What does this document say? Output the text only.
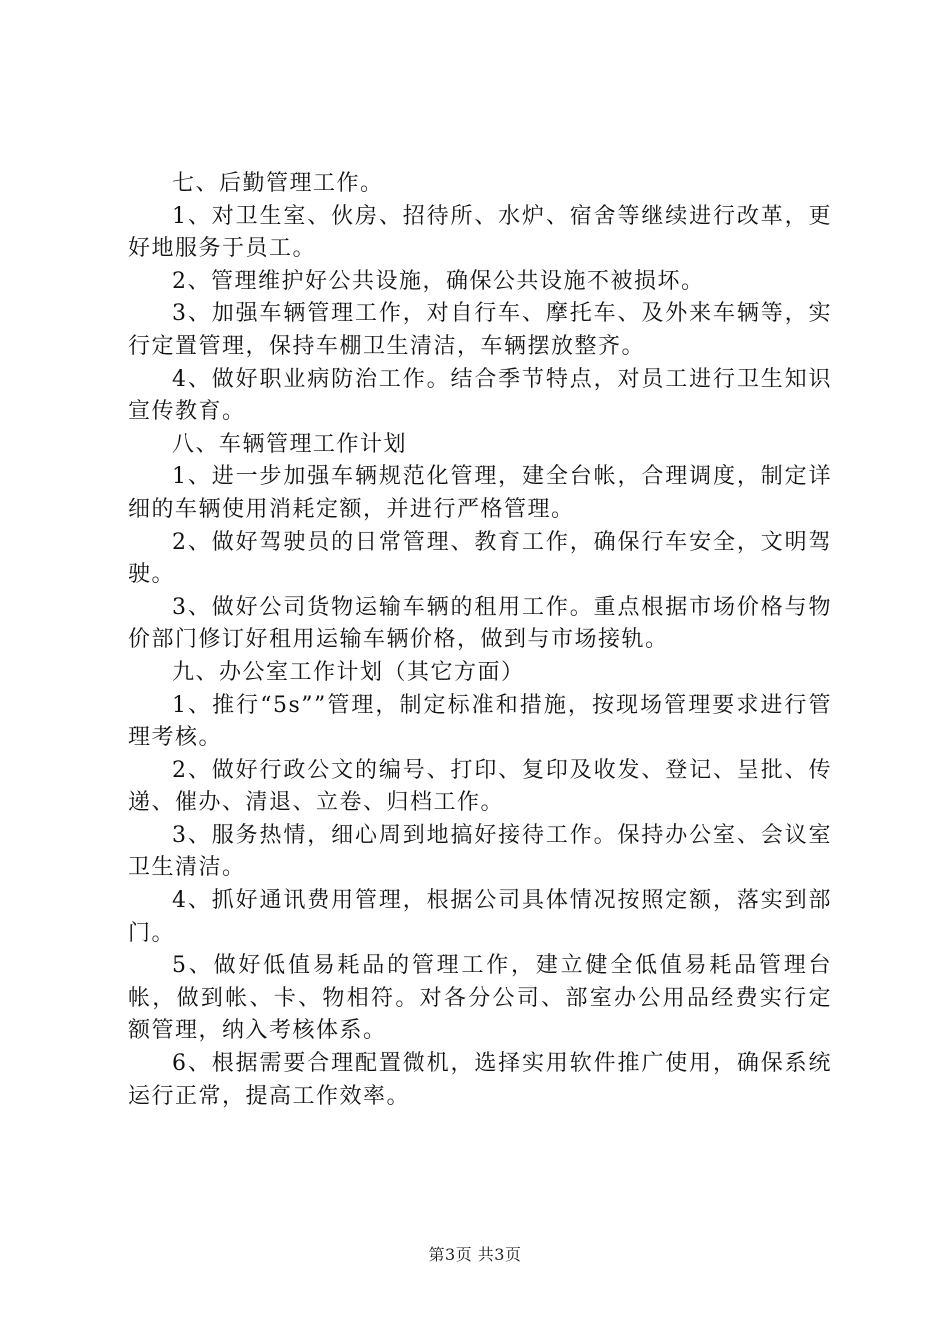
七、后勤管理工作。

1、对卫生室、伙房、招待所、水炉、宿舍等继续进行改革，更好地服务于员工。

2、管理维护好公共设施，确保公共设施不被损坏。

3、加强车辆管理工作，对自行车、摩托车、及外来车辆等，实行定置管理，保持车棚卫生清洁，车辆摆放整齐。

4、做好职业病防治工作。结合季节特点，对员工进行卫生知识宣传教育。

八、车辆管理工作计划

1、进一步加强车辆规范化管理，建全台帐，合理调度，制定详细的车辆使用消耗定额，并进行严格管理。

2、做好驾驶员的日常管理、教育工作，确保行车安全，文明驾驶。

3、做好公司货物运输车辆的租用工作。重点根据市场价格与物价部门修订好租用运输车辆价格，做到与市场接轨。

九、办公室工作计划（其它方面）

1、推行“5s””管理，制定标准和措施，按现场管理要求进行管理考核。

2、做好行政公文的编号、打印、复印及收发、登记、呈批、传递、催办、清退、立卷、归档工作。

3、服务热情，细心周到地搞好接待工作。保持办公室、会议室卫生清洁。

4、抓好通讯费用管理，根据公司具体情况按照定额，落实到部门。

5、做好低值易耗品的管理工作，建立健全低值易耗品管理台帐，做到帐、卡、物相符。对各分公司、部室办公用品经费实行定额管理，纳入考核体系。

6、根据需要合理配置微机，选择实用软件推广使用，确保系统运行正常，提高工作效率。

第3页 共3页
